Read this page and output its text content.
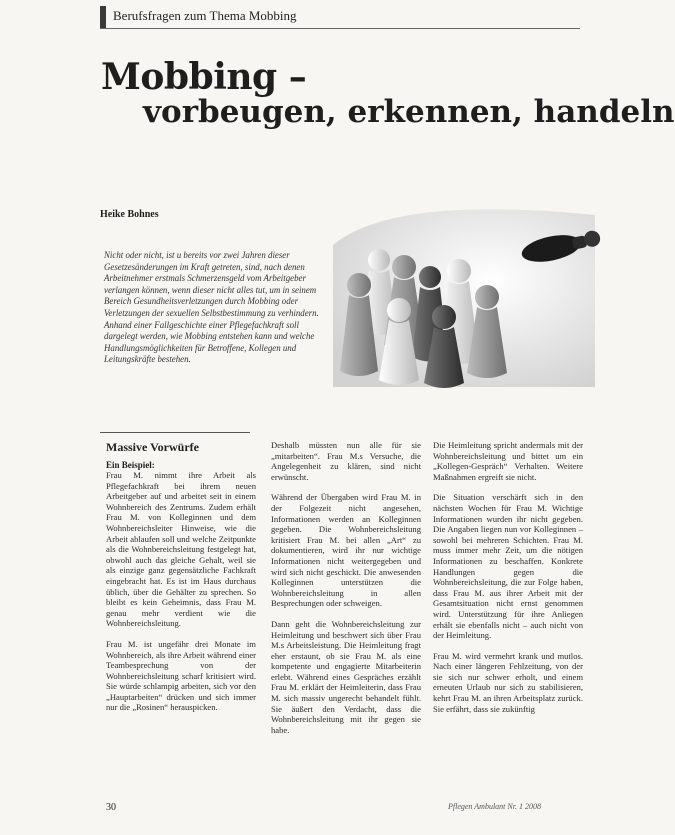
Berufsfragen zum Thema Mobbing
Mobbing –
vorbeugen, erkennen, handeln
Heike Bohnes
Nicht oder nicht, ist u bereits vor zwei Jahren dieser Gesetzesänderungen im Kraft getreten, sind, nach denen Arbeitnehmer erstmals Schmerzensgeld vom Arbeitgeber verlangen können, wenn dieser nicht alles tut, um in seinem Bereich Gesundheitsverletzungen durch Mobbing oder Verletzungen der sexuellen Selbstbestimmung zu verhindern. Anhand einer Fallgeschichte einer Pflegefachkraft soll dargelegt werden, wie Mobbing entstehen kann und welche Handlungsmöglichkeiten für Betroffene, Kollegen und Leitungskräfte bestehen.
Massive Vorwürfe
Ein Beispiel:

Frau M. nimmt ihre Arbeit als Pflegefachkraft bei ihrem neuen Arbeitgeber auf und arbeitet seit in einem Wohnbereich des Zentrums. Zudem erhält Frau M. von Kolleginnen und dem Wohnbereichsleiter Hinweise, wie die Arbeit ablaufen soll und welche Zeitpunkte als die Wohnbereichsleitung festgelegt hat, obwohl auch das gleiche Gehalt, weil sie als einzige ganz gegensätzliche Fachkraft eingebracht hat. Es ist im Haus durchaus üblich, über die Gehälter zu sprechen. So bleibt es kein Geheimnis, dass Frau M. genau mehr verdient wie die Wohnbereichsleitung.

Frau M. ist ungefähr drei Monate im Wohnbereich, als ihre Arbeit während einer Teambesprechung von der Wohnbereichsleitung scharf kritisiert wird. Sie würde schlampig arbeiten, sich vor den „Hauptarbeiten“ drücken und sich immer nur die „Rosinen“ herauspicken.

Deshalb müssten nun alle für sie „mitarbeiten“. Frau M.s Versuche, die Angelegenheit zu klären, sind nicht erwünscht.

Während der Übergaben wird Frau M. in der Folgezeit nicht angesehen, Informationen werden an Kolleginnen gegeben. Die Wohnbereichsleitung kritisiert Frau M. bei allen „Art“ zu dokumentieren, wird ihr nur wichtige Informationen nicht weitergegeben und wird sich nicht geschickt. Die anwesenden Kolleginnen unterstützen die Wohnbereichsleitung in allen Besprechungen oder schweigen.

Dann geht die Wohnbereichsleitung zur Heimleitung und beschwert sich über Frau M.s Arbeitsleistung. Die Heimleitung fragt eher erstaunt, ob sie Frau M. als eine kompetente und engagierte Mitarbeiterin erlebt. Während eines Gespräches erzählt Frau M. erklärt der Heimleiterin, dass Frau M. sich massiv ungerecht behandelt fühlt. Sie äußert den Verdacht, dass die Wohnbereichsleitung mit ihr gegen sie habe.

Die Heimleitung spricht andermals mit der Wohnbereichsleitung und bittet um ein „Kollegen-Gespräch“ Verhalten. Weitere Maßnahmen ergreift sie nicht.

Die Situation verschärft sich in den nächsten Wochen für Frau M. Wichtige Informationen wurden ihr nicht gegeben. Die Angaben liegen nun vor Kolleginnen – sowohl bei mehreren Schichten. Frau M. muss immer mehr Zeit, um die nötigen Informationen zu beschaffen. Konkrete Handlungen gegen die Wohnbereichsleitung, die zur Folge haben, dass Frau M. aus ihrer Arbeit mit der Gesamtsituation nicht ernst genommen wird. Unterstützung für ihre Anliegen erhält sie ebenfalls nicht – auch nicht von der Heimleitung.

Frau M. wird vermehrt krank und mutlos. Nach einer längeren Fehlzeitung, von der sie sich nur schwer erholt, und einem erneuten Urlaub nur sich zu stabilisieren, kehrt Frau M. an ihren Arbeitsplatz zurück. Sie erfährt, dass sie zukünftig

30	Pflegen Ambulant Nr. 1 2008
